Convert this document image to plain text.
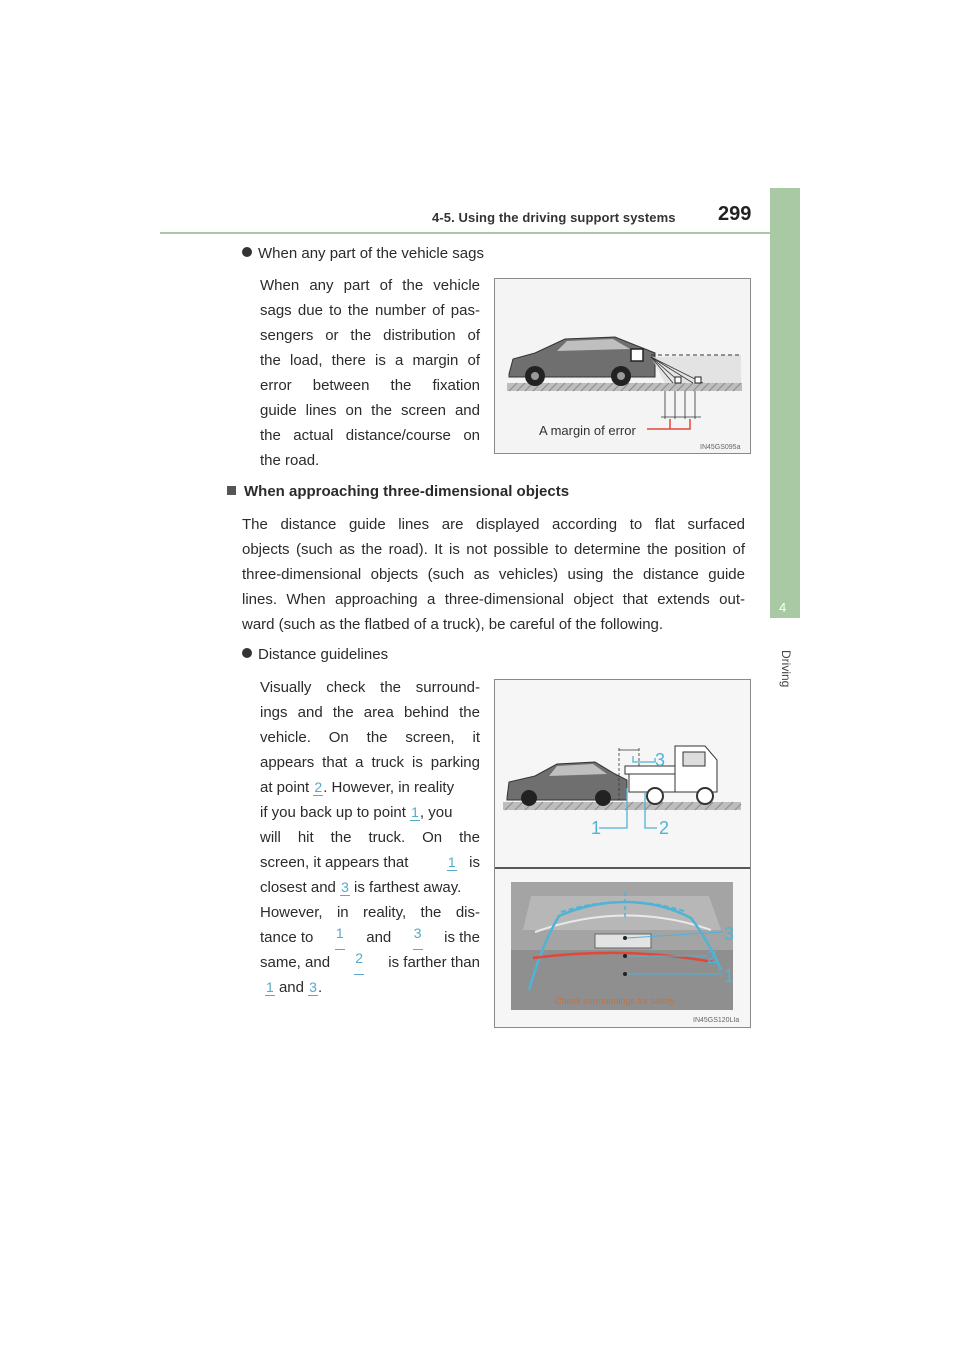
4-5. Using the driving support systems 299
4
Driving
When any part of the vehicle sags
When any part of the vehicle
sags due to the number of pas-
sengers or the distribution of
the load, there is a margin of
error between the fixation
guide lines on the screen and
the actual distance/course on
the road.
A margin of error
IN45GS095a
When approaching three-dimensional objects
The distance guide lines are displayed according to flat surfaced
objects (such as the road). It is not possible to determine the position of
three-dimensional objects (such as vehicles) using the distance guide
lines. When approaching a three-dimensional object that extends out-
ward (such as the flatbed of a truck), be careful of the following.
Distance guidelines
Visually check the surround-
ings and the area behind the
vehicle. On the screen, it
appears that a truck is parking
at point 2. However, in reality
if you back up to point 1, you
will hit the truck. On the
screen, it appears that	1 is
closest and 3 is farthest away.
However, in reality, the dis-
tance to 1 and 3 is the
same, and 2 is farther than
1 and 3.
3
1	2
3
2
1
Check surroundings for safety.
IN45GS120LIa
